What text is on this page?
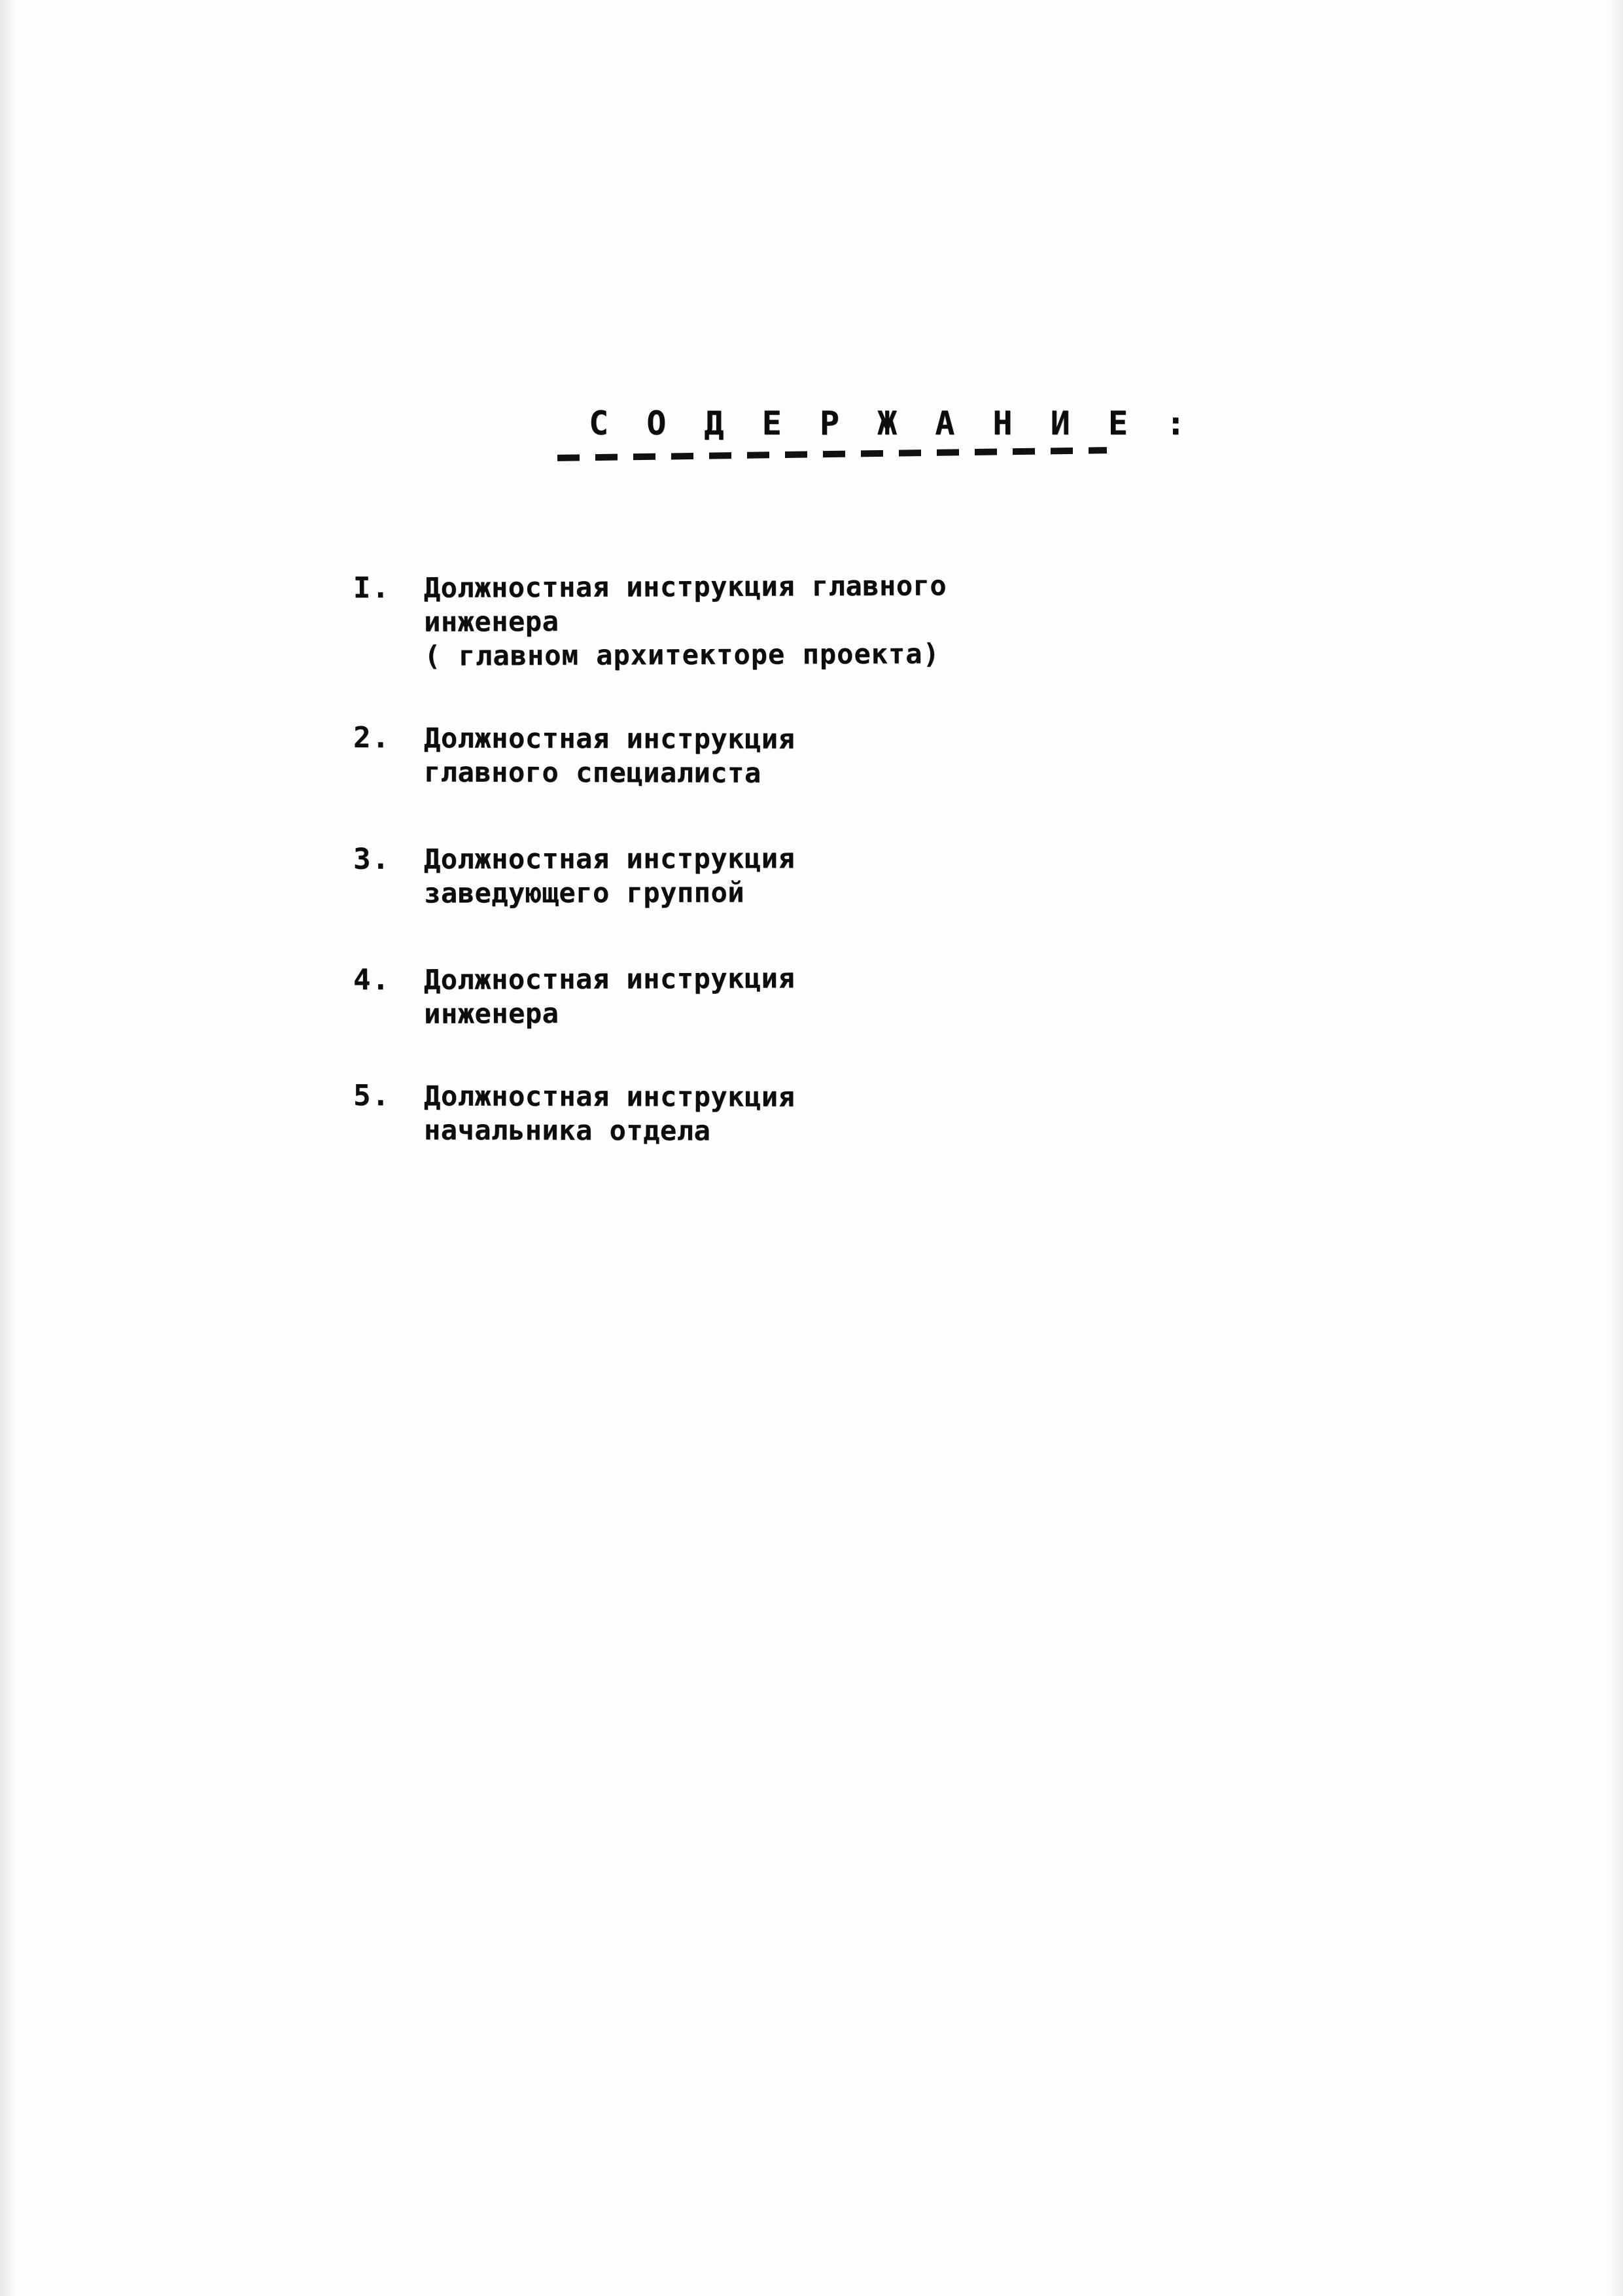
С О Д Е Р Ж А Н И Е :
I.	Должностная инструкция главного
инженера
( главном архитекторе проекта)
2.	Должностная инструкция
главного специалиста
3.	Должностная инструкция
заведующего группой
4.	Должностная инструкция
инженера
5.	Должностная инструкция
начальника отдела
